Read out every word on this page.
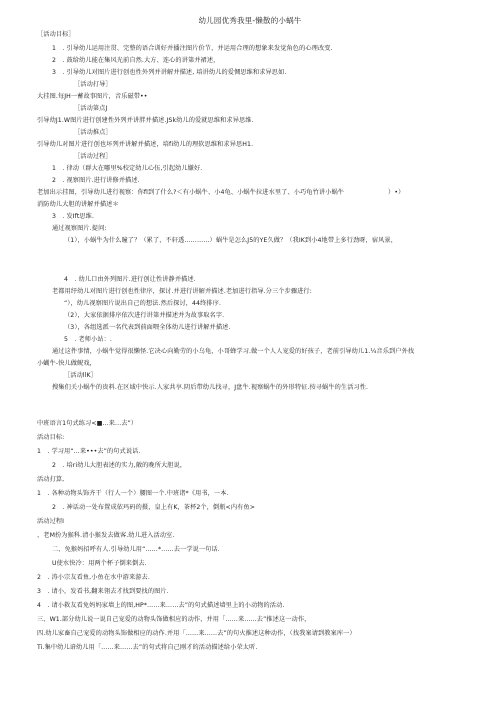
幼儿园优秀我里-懒散的小蜗牛
［活动目标］
1　. 引导幼儿运用注贯、完整的语合训好并播注图片价节，并运用合理的想象来发觉角色的心理改变.
2　. 鼓给幼儿能在集风光前自然.大方、连心的讲第并裙述，
3　. 引导幼儿对图片进行创也性外列并讲解并描述, 培讲幼儿的爱惆思维和求异思如.
［活动打导］
大挂图.每JH一蓄故事图片，音乐磁带••
［活动第点J
引导幼J1.W图片进行创建性外列并讲胖并描述.JSk幼儿的爱就思维和求异思维.
［活动推点］
引导幼儿对图片进行创也坏列并讲解并描述，培fi幼儿的理软思维和求异思H1.
［活动过程］
1　. 律动（群大在哪里%校定幼儿心伍,引起幼儿嫌好.
2　. 视察图片.进行讲修并描述.
老加出示挂图，引导幼儿进行视察：你fl到了什么?＜有小蜗牛、小4龟、小蜗牛拉进水里了、小巧龟竹讲小蜗牛　　　　　　　）•）
消防幼儿大胆的讲解并描述＊
3　. 发Ift思维.
通过视察图片.提问:
（1），小蜗牛为什么瞳了？（累了，不轩透…………）蜗牛是怎么J5的YE久做？（我IK到小4地带上多行劲呀，宿风景，
4　. 幼儿口由外列图片.进行创让性讲静并描述.
老都用纾幼儿对图片进行创也性律序，探讨.并进行讲解并描述.老加进行指导.分三个步骤进行:
“），幼儿视察图片说出自己的想法.然后探讨，44终排序.
（2），大家依据排序依次进行讲第并描述并为故事取名字.
（3），各组选派一名代表到前面喂全体幼儿进行讲解并描述.
5　. 老师小站：.
通过这件事情，小蜗牛觉得很懒怪.它决心向勤劳的小乌龟，小哥蜂学习.做一个人人宠爱的好孩子，老前引导幼儿1.¼音乐到户外找
小蝴牛-快儿做鲵戏，
［活动llK］
搜集们关小蜗牛的贵料.在区域中快示.人家共享.阴后带幼儿找寻，J盘牛.视察蜗牛的外形特征.按寻蜗牛的生活习性.
中班语言1句式练习<■...来...去”）
活动目标:
1　. 学习用“...来•••去”的句式说话.
2　. 培ri幼儿大胆表述的实力,敞的晚所大胆说，
活动打算,
1　. 各种动物头饰齐干（行人一个）腰图一个.中班诸*《用书，一本.
2　. 神话动一处布置成依玛码的摄，皇上有K，茶杯2个，倒瓶<内有鱼>
活动过程I
、老M扮为猴科.清小猴发去做客.幼儿进入活动室.
二、免猴妈招呼有人.引导幼儿用“……*……去一学说一句话.
U使水快冷：用两个杯子倒来倒去.
2　. 涛小宗友看鱼,小鱼在水中游来游去.
3　. 请小，发看书,翻来翎去才找到要找的图片.
4　. 请小救友看免妈妈家墙上的图,HP*……来……去”的句式描述墙里上的小动物的活动.
三、W1.部分幼儿说一说自己宠爱的动物头饰做相应的动作，并用「……来……去”推述这一动作，
四.幼儿家畜自己宠爱的动物头饰做相应的动作.并用「……来……去”的句火推述这种动作，（找我案请到教案库一）
Ti.集中幼儿谙幼儿用「……来……去”的句式将自己刚才的活动描述给小荣太听.
